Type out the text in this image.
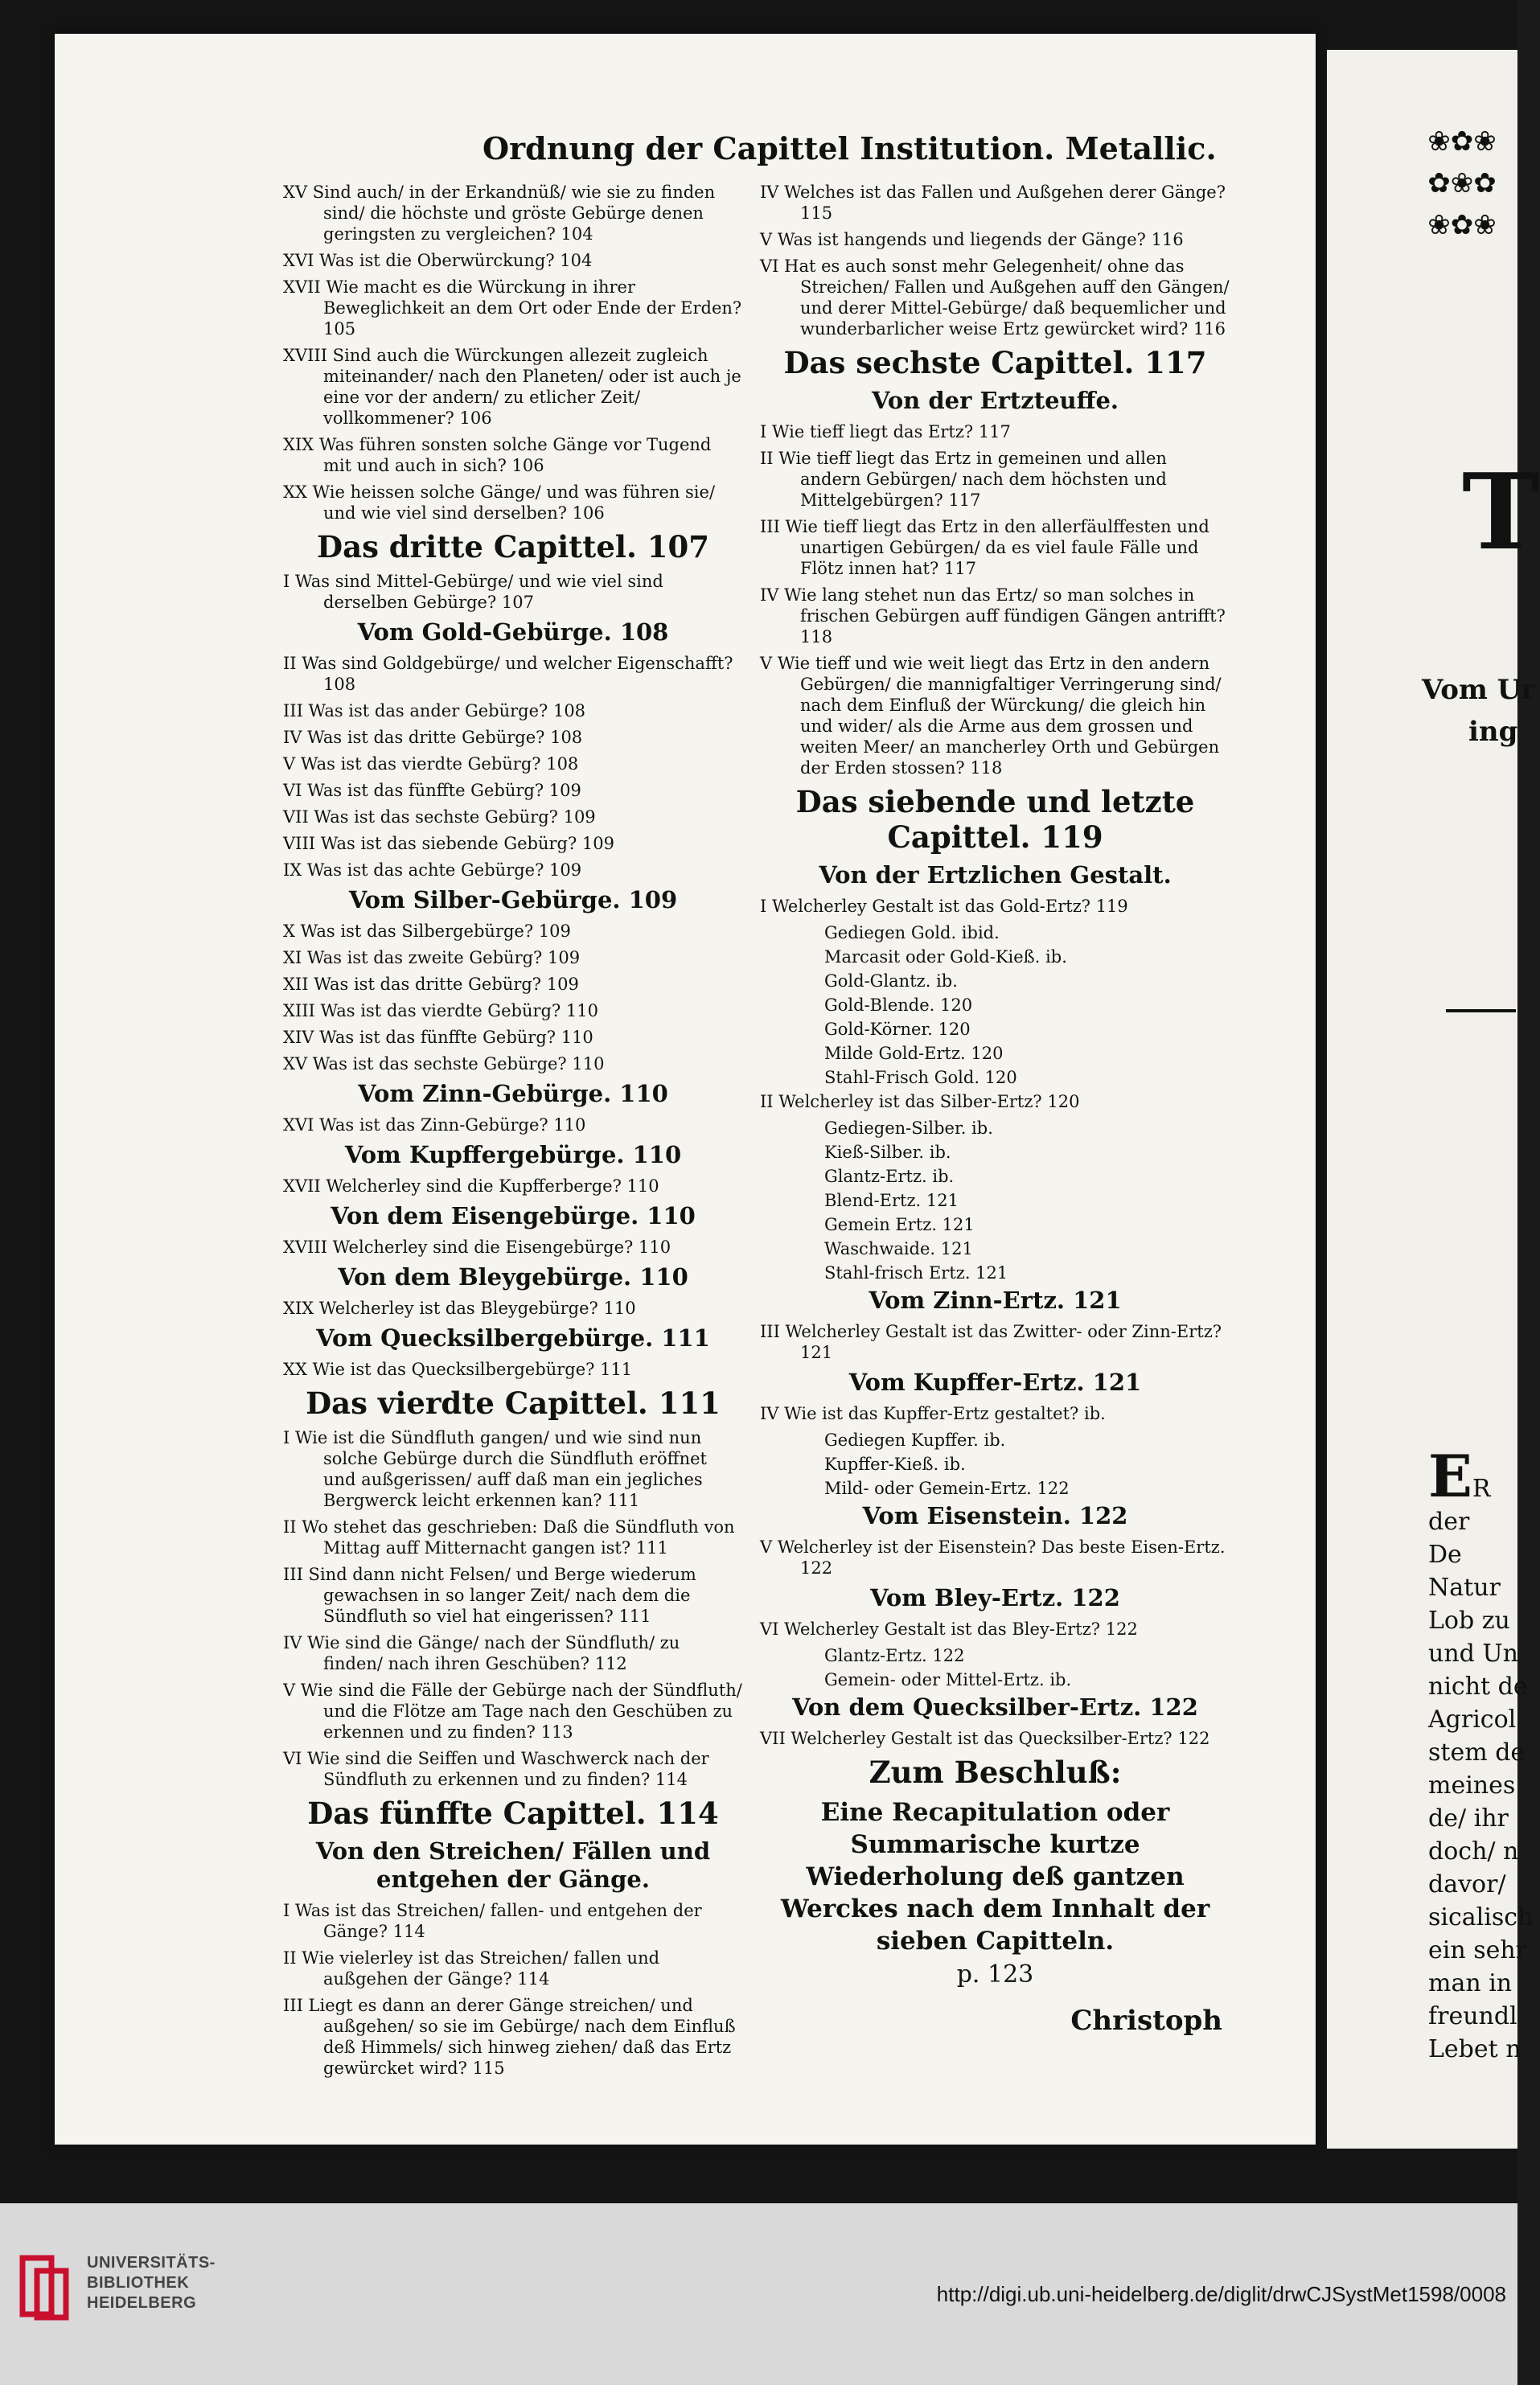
Ordnung der Capittel Institution. Metallic.

XV Sind auch/ in der Erkandnüß/ wie sie zu finden sind/ die höchste und gröste Gebürge denen geringsten zu vergleichen? 104

XVI Was ist die Oberwürckung? 104

XVII Wie macht es die Würckung in ihrer Beweglichkeit an dem Ort oder Ende der Erden? 105

XVIII Sind auch die Würckungen allezeit zugleich miteinander/ nach den Planeten/ oder ist auch je eine vor der andern/ zu etlicher Zeit/ vollkommener? 106

XIX Was führen sonsten solche Gänge vor Tugend mit und auch in sich? 106

XX Wie heissen solche Gänge/ und was führen sie/ und wie viel sind derselben? 106

Das dritte Capittel. 107

I Was sind Mittel-Gebürge/ und wie viel sind derselben Gebürge? 107

Vom Gold-Gebürge. 108

II Was sind Goldgebürge/ und welcher Eigenschafft? 108

III Was ist das ander Gebürge? 108

IV Was ist das dritte Gebürge? 108

V Was ist das vierdte Gebürg? 108

VI Was ist das fünffte Gebürg? 109

VII Was ist das sechste Gebürg? 109

VIII Was ist das siebende Gebürg? 109

IX Was ist das achte Gebürge? 109

Vom Silber-Gebürge. 109

X Was ist das Silbergebürge? 109

XI Was ist das zweite Gebürg? 109

XII Was ist das dritte Gebürg? 109

XIII Was ist das vierdte Gebürg? 110

XIV Was ist das fünffte Gebürg? 110

XV Was ist das sechste Gebürge? 110

Vom Zinn-Gebürge. 110

XVI Was ist das Zinn-Gebürge? 110

Vom Kupffergebürge. 110

XVII Welcherley sind die Kupfferberge? 110

Von dem Eisengebürge. 110

XVIII Welcherley sind die Eisengebürge? 110

Von dem Bleygebürge. 110

XIX Welcherley ist das Bleygebürge? 110

Vom Quecksilbergebürge. 111

XX Wie ist das Quecksilbergebürge? 111

Das vierdte Capittel. 111

I Wie ist die Sündfluth gangen/ und wie sind nun solche Gebürge durch die Sündfluth eröffnet und außgerissen/ auff daß man ein jegliches Bergwerck leicht erkennen kan? 111

II Wo stehet das geschrieben: Daß die Sündfluth von Mittag auff Mitternacht gangen ist? 111

III Sind dann nicht Felsen/ und Berge wiederum gewachsen in so langer Zeit/ nach dem die Sündfluth so viel hat eingerissen? 111

IV Wie sind die Gänge/ nach der Sündfluth/ zu finden/ nach ihren Geschüben? 112

V Wie sind die Fälle der Gebürge nach der Sündfluth/ und die Flötze am Tage nach den Geschüben zu erkennen und zu finden? 113

VI Wie sind die Seiffen und Waschwerck nach der Sündfluth zu erkennen und zu finden? 114

Das fünffte Capittel. 114
Von den Streichen/ Fällen und entgehen der Gänge.

I Was ist das Streichen/ fallen- und entgehen der Gänge? 114

II Wie vielerley ist das Streichen/ fallen und außgehen der Gänge? 114

III Liegt es dann an derer Gänge streichen/ und außgehen/ so sie im Gebürge/ nach dem Einfluß deß Himmels/ sich hinweg ziehen/ daß das Ertz gewürcket wird? 115

IV Welches ist das Fallen und Außgehen derer Gänge? 115

V Was ist hangends und liegends der Gänge? 116

VI Hat es auch sonst mehr Gelegenheit/ ohne das Streichen/ Fallen und Außgehen auff den Gängen/ und derer Mittel-Gebürge/ daß bequemlicher und wunderbarlicher weise Ertz gewürcket wird? 116

Das sechste Capittel. 117
Von der Ertzteuffe.

I Wie tieff liegt das Ertz? 117

II Wie tieff liegt das Ertz in gemeinen und allen andern Gebürgen/ nach dem höchsten und Mittelgebürgen? 117

III Wie tieff liegt das Ertz in den allerfäulffesten und unartigen Gebürgen/ da es viel faule Fälle und Flötz innen hat? 117

IV Wie lang stehet nun das Ertz/ so man solches in frischen Gebürgen auff fündigen Gängen antrifft? 118

V Wie tieff und wie weit liegt das Ertz in den andern Gebürgen/ die mannigfaltiger Verringerung sind/ nach dem Einfluß der Würckung/ die gleich hin und wider/ als die Arme aus dem grossen und weiten Meer/ an mancherley Orth und Gebürgen der Erden stossen? 118

Das siebende und letzte Capittel. 119
Von der Ertzlichen Gestalt.

I Welcherley Gestalt ist das Gold-Ertz? 119

Gediegen Gold. ibid.

Marcasit oder Gold-Kieß. ib.

Gold-Glantz. ib.

Gold-Blende. 120

Gold-Körner. 120

Milde Gold-Ertz. 120

Stahl-Frisch Gold. 120

II Welcherley ist das Silber-Ertz? 120

Gediegen-Silber. ib.

Kieß-Silber. ib.

Glantz-Ertz. ib.

Blend-Ertz. 121

Gemein Ertz. 121

Waschwaide. 121

Stahl-frisch Ertz. 121

Vom Zinn-Ertz. 121

III Welcherley Gestalt ist das Zwitter- oder Zinn-Ertz? 121

Vom Kupffer-Ertz. 121

IV Wie ist das Kupffer-Ertz gestaltet? ib.

Gediegen Kupffer. ib.

Kupffer-Kieß. ib.

Mild- oder Gemein-Ertz. 122

Vom Eisenstein. 122

V Welcherley ist der Eisenstein? Das beste Eisen-Ertz. 122

Vom Bley-Ertz. 122

VI Welcherley Gestalt ist das Bley-Ertz? 122

Glantz-Ertz. 122

Gemein- oder Mittel-Ertz. ib.

Von dem Quecksilber-Ertz. 122

VII Welcherley Gestalt ist das Quecksilber-Ertz? 122

Zum Beschluß:
Eine Recapitulation oder Summarische kurtze Wiederholung deß gantzen Werckes nach dem Innhalt der sieben Capitteln.
p. 123
Christoph
❀✿❀ ✿❀✿ ❀✿❀
T
Vom Ur
ing
ER
der
De
Natur
Lob zu
und Un
nicht de
Agricol
stem de
meines
de/ ihr
doch/ n
davor/
sicalisch
ein sehr
man in
freundl
Lebet n
UNIVERSITÄTS-
BIBLIOTHEK
HEIDELBERG	http://digi.ub.uni-heidelberg.de/diglit/drwCJSystMet1598/0008
